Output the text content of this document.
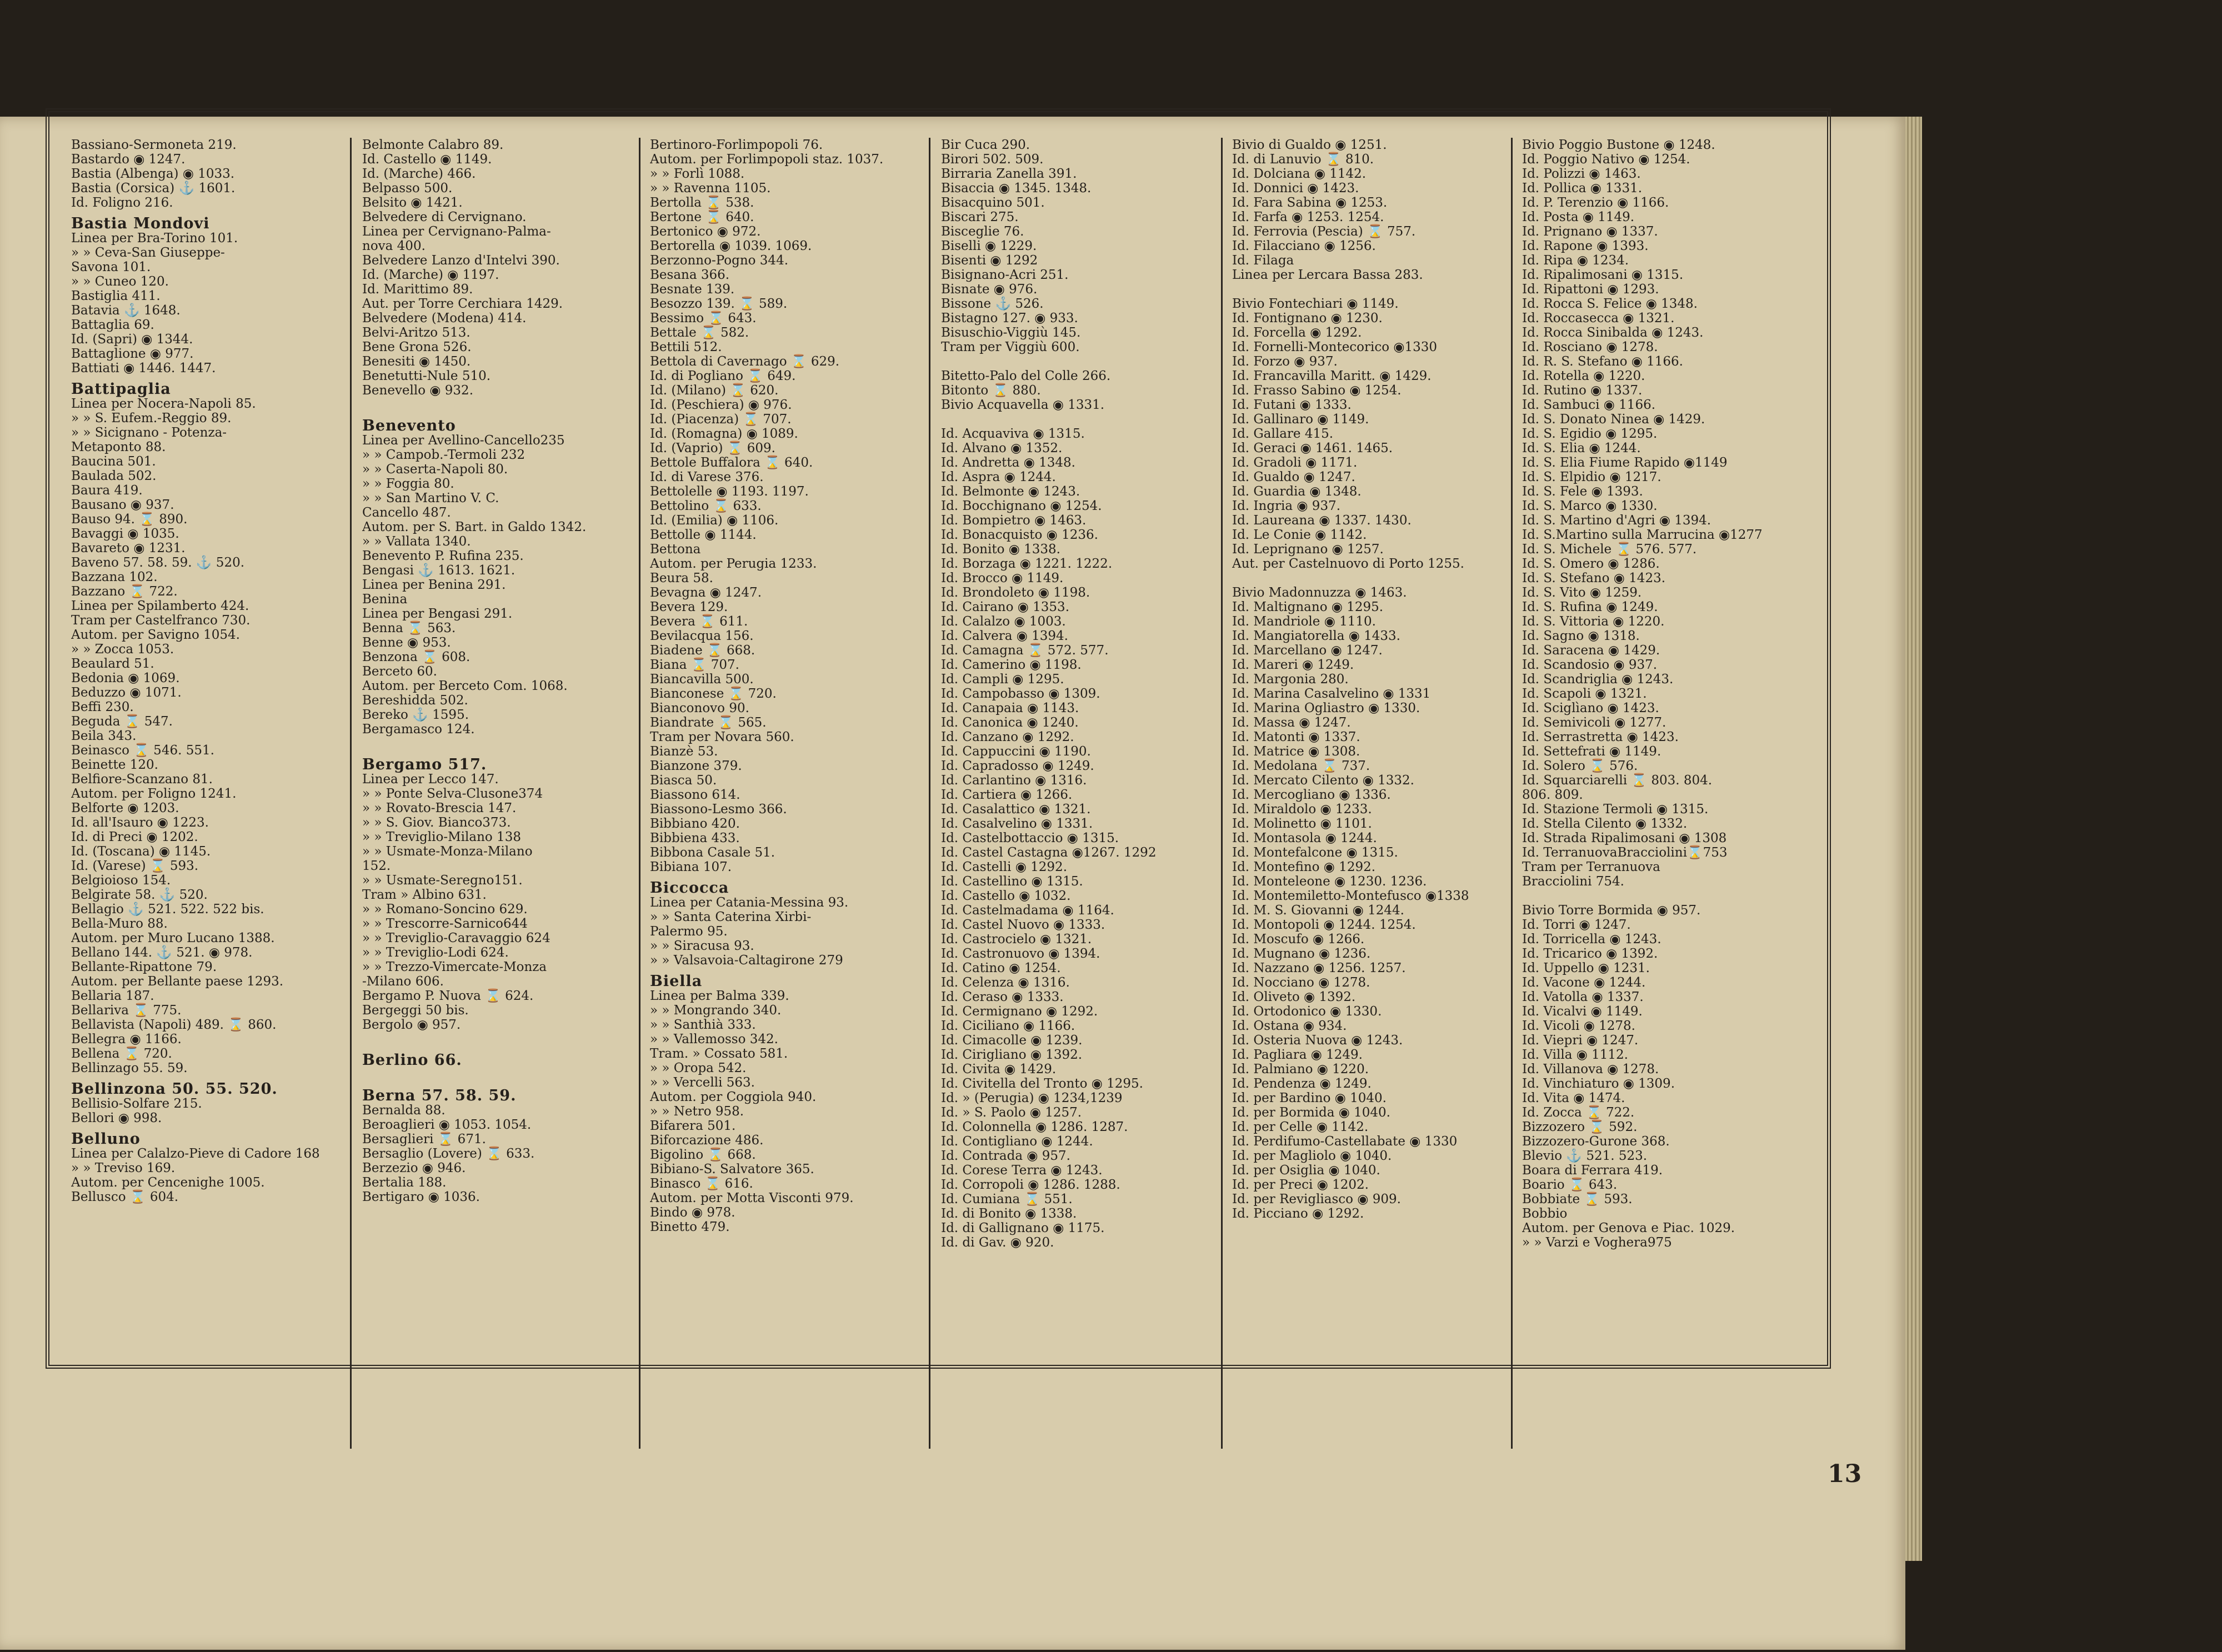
Bassiano-Sermoneta 219.
Bastardo ◉ 1247.
Bastia (Albenga) ◉ 1033.
Bastia (Corsica) ⚓ 1601.
Id. Foligno 216.
Bastia Mondovi
Linea per Bra-Torino 101.
» » Ceva-San Giuseppe-
Savona 101.
» » Cuneo 120.
Bastiglia 411.
Batavia ⚓ 1648.
Battaglia 69.
Id. (Sapri) ◉ 1344.
Battaglione ◉ 977.
Battiati ◉ 1446. 1447.
Battipaglia
Linea per Nocera-Napoli 85.
» » S. Eufem.-Reggio 89.
» » Sicignano - Potenza-
Metaponto 88.
Baucina 501.
Baulada 502.
Baura 419.
Bausano ◉ 937.
Bauso 94. ⌛ 890.
Bavaggi ◉ 1035.
Bavareto ◉ 1231.
Baveno 57. 58. 59. ⚓ 520.
Bazzana 102.
Bazzano ⌛ 722.
Linea per Spilamberto 424.
Tram per Castelfranco 730.
Autom. per Savigno 1054.
» » Zocca 1053.
Beaulard 51.
Bedonia ◉ 1069.
Beduzzo ◉ 1071.
Beffi 230.
Beguda ⌛ 547.
Beila 343.
Beinasco ⌛ 546. 551.
Beinette 120.
Belfiore-Scanzano 81.
Autom. per Foligno 1241.
Belforte ◉ 1203.
Id. all'Isauro ◉ 1223.
Id. di Preci ◉ 1202.
Id. (Toscana) ◉ 1145.
Id. (Varese) ⌛ 593.
Belgioioso 154.
Belgirate 58. ⚓ 520.
Bellagio ⚓ 521. 522. 522 bis.
Bella-Muro 88.
Autom. per Muro Lucano 1388.
Bellano 144. ⚓ 521. ◉ 978.
Bellante-Ripattone 79.
Autom. per Bellante paese 1293.
Bellaria 187.
Bellariva ⌛ 775.
Bellavista (Napoli) 489. ⌛ 860.
Bellegra ◉ 1166.
Bellena ⌛ 720.
Bellinzago 55. 59.
Bellinzona 50. 55. 520.
Bellisio-Solfare 215.
Bellori ◉ 998.
Belluno
Linea per Calalzo-Pieve di Cadore 168
» » Treviso 169.
Autom. per Cencenighe 1005.
Bellusco ⌛ 604.
Belmonte Calabro 89.
Id. Castello ◉ 1149.
Id. (Marche) 466.
Belpasso 500.
Belsito ◉ 1421.
Belvedere di Cervignano.
Linea per Cervignano-Palma-
nova 400.
Belvedere Lanzo d'Intelvi 390.
Id. (Marche) ◉ 1197.
Id. Marittimo 89.
Aut. per Torre Cerchiara 1429.
Belvedere (Modena) 414.
Belvi-Aritzo 513.
Bene Grona 526.
Benesiti ◉ 1450.
Benetutti-Nule 510.
Benevello ◉ 932.
Benevento
Linea per Avellino-Cancello235
» » Campob.-Termoli 232
» » Caserta-Napoli 80.
» » Foggia 80.
» » San Martino V. C.
Cancello 487.
Autom. per S. Bart. in Galdo 1342.
» » Vallata 1340.
Benevento P. Rufina 235.
Bengasi ⚓ 1613. 1621.
Linea per Benina 291.
Benina
Linea per Bengasi 291.
Benna ⌛ 563.
Benne ◉ 953.
Benzona ⌛ 608.
Berceto 60.
Autom. per Berceto Com. 1068.
Bereshidda 502.
Bereko ⚓ 1595.
Bergamasco 124.
Bergamo 517.
Linea per Lecco 147.
» » Ponte Selva-Clusone374
» » Rovato-Brescia 147.
» » S. Giov. Bianco373.
» » Treviglio-Milano 138
» » Usmate-Monza-Milano
152.
» » Usmate-Seregno151.
Tram » Albino 631.
» » Romano-Soncino 629.
» » Trescorre-Sarnico644
» » Treviglio-Caravaggio 624
» » Treviglio-Lodi 624.
» » Trezzo-Vimercate-Monza
-Milano 606.
Bergamo P. Nuova ⌛ 624.
Bergeggi 50 bis.
Bergolo ◉ 957.
Berlino 66.
Berna 57. 58. 59.
Bernalda 88.
Beroaglieri ◉ 1053. 1054.
Bersaglieri ⌛ 671.
Bersaglio (Lovere) ⌛ 633.
Berzezio ◉ 946.
Bertalia 188.
Bertigaro ◉ 1036.
Bertinoro-Forlimpopoli 76.
Autom. per Forlimpopoli staz. 1037.
» » Forlì 1088.
» » Ravenna 1105.
Bertolla ⌛ 538.
Bertone ⌛ 640.
Bertonico ◉ 972.
Bertorella ◉ 1039. 1069.
Berzonno-Pogno 344.
Besana 366.
Besnate 139.
Besozzo 139. ⌛ 589.
Bessimo ⌛ 643.
Bettale ⌛ 582.
Bettili 512.
Bettola di Cavernago ⌛ 629.
Id. di Pogliano ⌛ 649.
Id. (Milano) ⌛ 620.
Id. (Peschiera) ◉ 976.
Id. (Piacenza) ⌛ 707.
Id. (Romagna) ◉ 1089.
Id. (Vaprio) ⌛ 609.
Bettole Buffalora ⌛ 640.
Id. di Varese 376.
Bettolelle ◉ 1193. 1197.
Bettolino ⌛ 633.
Id. (Emilia) ◉ 1106.
Bettolle ◉ 1144.
Bettona
Autom. per Perugia 1233.
Beura 58.
Bevagna ◉ 1247.
Bevera 129.
Bevera ⌛ 611.
Bevilacqua 156.
Biadene ⌛ 668.
Biana ⌛ 707.
Biancavilla 500.
Bianconese ⌛ 720.
Bianconovo 90.
Biandrate ⌛ 565.
Tram per Novara 560.
Bianzè 53.
Bianzone 379.
Biasca 50.
Biassono 614.
Biassono-Lesmo 366.
Bibbiano 420.
Bibbiena 433.
Bibbona Casale 51.
Bibiana 107.
Biccocca
Linea per Catania-Messina 93.
» » Santa Caterina Xirbi-
Palermo 95.
» » Siracusa 93.
» » Valsavoia-Caltagirone 279
Biella
Linea per Balma 339.
» » Mongrando 340.
» » Santhià 333.
» » Vallemosso 342.
Tram. » Cossato 581.
» » Oropa 542.
» » Vercelli 563.
Autom. per Coggiola 940.
» » Netro 958.
Bifarera 501.
Biforcazione 486.
Bigolino ⌛ 668.
Bibiano-S. Salvatore 365.
Binasco ⌛ 616.
Autom. per Motta Visconti 979.
Bindo ◉ 978.
Binetto 479.
Bir Cuca 290.
Birori 502. 509.
Birraria Zanella 391.
Bisaccia ◉ 1345. 1348.
Bisacquino 501.
Biscari 275.
Bisceglie 76.
Biselli ◉ 1229.
Bisenti ◉ 1292
Bisignano-Acri 251.
Bisnate ◉ 976.
Bissone ⚓ 526.
Bistagno 127. ◉ 933.
Bisuschio-Viggiù 145.
Tram per Viggiù 600.
Bitetto-Palo del Colle 266.
Bitonto ⌛ 880.
Bivio Acquavella ◉ 1331.
Id. Acquaviva ◉ 1315.
Id. Alvano ◉ 1352.
Id. Andretta ◉ 1348.
Id. Aspra ◉ 1244.
Id. Belmonte ◉ 1243.
Id. Bocchignano ◉ 1254.
Id. Bompietro ◉ 1463.
Id. Bonacquisto ◉ 1236.
Id. Bonito ◉ 1338.
Id. Borzaga ◉ 1221. 1222.
Id. Brocco ◉ 1149.
Id. Brondoleto ◉ 1198.
Id. Cairano ◉ 1353.
Id. Calalzo ◉ 1003.
Id. Calvera ◉ 1394.
Id. Camagna ⌛ 572. 577.
Id. Camerino ◉ 1198.
Id. Campli ◉ 1295.
Id. Campobasso ◉ 1309.
Id. Canapaia ◉ 1143.
Id. Canonica ◉ 1240.
Id. Canzano ◉ 1292.
Id. Cappuccini ◉ 1190.
Id. Capradosso ◉ 1249.
Id. Carlantino ◉ 1316.
Id. Cartiera ◉ 1266.
Id. Casalattico ◉ 1321.
Id. Casalvelino ◉ 1331.
Id. Castelbottaccio ◉ 1315.
Id. Castel Castagna ◉1267. 1292
Id. Castelli ◉ 1292.
Id. Castellino ◉ 1315.
Id. Castello ◉ 1032.
Id. Castelmadama ◉ 1164.
Id. Castel Nuovo ◉ 1333.
Id. Castrocielo ◉ 1321.
Id. Castronuovo ◉ 1394.
Id. Catino ◉ 1254.
Id. Celenza ◉ 1316.
Id. Ceraso ◉ 1333.
Id. Cermignano ◉ 1292.
Id. Ciciliano ◉ 1166.
Id. Cimacolle ◉ 1239.
Id. Cirigliano ◉ 1392.
Id. Civita ◉ 1429.
Id. Civitella del Tronto ◉ 1295.
Id. » (Perugia) ◉ 1234,1239
Id. » S. Paolo ◉ 1257.
Id. Colonnella ◉ 1286. 1287.
Id. Contigliano ◉ 1244.
Id. Contrada ◉ 957.
Id. Corese Terra ◉ 1243.
Id. Corropoli ◉ 1286. 1288.
Id. Cumiana ⌛ 551.
Id. di Bonito ◉ 1338.
Id. di Gallignano ◉ 1175.
Id. di Gav. ◉ 920.
Bivio di Gualdo ◉ 1251.
Id. di Lanuvio ⌛ 810.
Id. Dolciana ◉ 1142.
Id. Donnici ◉ 1423.
Id. Fara Sabina ◉ 1253.
Id. Farfa ◉ 1253. 1254.
Id. Ferrovia (Pescia) ⌛ 757.
Id. Filacciano ◉ 1256.
Id. Filaga
Linea per Lercara Bassa 283.
Bivio Fontechiari ◉ 1149.
Id. Fontignano ◉ 1230.
Id. Forcella ◉ 1292.
Id. Fornelli-Montecorico ◉1330
Id. Forzo ◉ 937.
Id. Francavilla Maritt. ◉ 1429.
Id. Frasso Sabino ◉ 1254.
Id. Futani ◉ 1333.
Id. Gallinaro ◉ 1149.
Id. Gallare 415.
Id. Geraci ◉ 1461. 1465.
Id. Gradoli ◉ 1171.
Id. Gualdo ◉ 1247.
Id. Guardia ◉ 1348.
Id. Ingria ◉ 937.
Id. Laureana ◉ 1337. 1430.
Id. Le Conie ◉ 1142.
Id. Leprignano ◉ 1257.
Aut. per Castelnuovo di Porto 1255.
Bivio Madonnuzza ◉ 1463.
Id. Maltignano ◉ 1295.
Id. Mandriole ◉ 1110.
Id. Mangiatorella ◉ 1433.
Id. Marcellano ◉ 1247.
Id. Mareri ◉ 1249.
Id. Margonia 280.
Id. Marina Casalvelino ◉ 1331
Id. Marina Ogliastro ◉ 1330.
Id. Massa ◉ 1247.
Id. Matonti ◉ 1337.
Id. Matrice ◉ 1308.
Id. Medolana ⌛ 737.
Id. Mercato Cilento ◉ 1332.
Id. Mercogliano ◉ 1336.
Id. Miraldolo ◉ 1233.
Id. Molinetto ◉ 1101.
Id. Montasola ◉ 1244.
Id. Montefalcone ◉ 1315.
Id. Montefino ◉ 1292.
Id. Monteleone ◉ 1230. 1236.
Id. Montemiletto-Montefusco ◉1338
Id. M. S. Giovanni ◉ 1244.
Id. Montopoli ◉ 1244. 1254.
Id. Moscufo ◉ 1266.
Id. Mugnano ◉ 1236.
Id. Nazzano ◉ 1256. 1257.
Id. Nocciano ◉ 1278.
Id. Oliveto ◉ 1392.
Id. Ortodonico ◉ 1330.
Id. Ostana ◉ 934.
Id. Osteria Nuova ◉ 1243.
Id. Pagliara ◉ 1249.
Id. Palmiano ◉ 1220.
Id. Pendenza ◉ 1249.
Id. per Bardino ◉ 1040.
Id. per Bormida ◉ 1040.
Id. per Celle ◉ 1142.
Id. Perdifumo-Castellabate ◉ 1330
Id. per Magliolo ◉ 1040.
Id. per Osiglia ◉ 1040.
Id. per Preci ◉ 1202.
Id. per Revigliasco ◉ 909.
Id. Picciano ◉ 1292.
Bivio Poggio Bustone ◉ 1248.
Id. Poggio Nativo ◉ 1254.
Id. Polizzi ◉ 1463.
Id. Pollica ◉ 1331.
Id. P. Terenzio ◉ 1166.
Id. Posta ◉ 1149.
Id. Prignano ◉ 1337.
Id. Rapone ◉ 1393.
Id. Ripa ◉ 1234.
Id. Ripalimosani ◉ 1315.
Id. Ripattoni ◉ 1293.
Id. Rocca S. Felice ◉ 1348.
Id. Roccasecca ◉ 1321.
Id. Rocca Sinibalda ◉ 1243.
Id. Rosciano ◉ 1278.
Id. R. S. Stefano ◉ 1166.
Id. Rotella ◉ 1220.
Id. Rutino ◉ 1337.
Id. Sambuci ◉ 1166.
Id. S. Donato Ninea ◉ 1429.
Id. S. Egidio ◉ 1295.
Id. S. Elia ◉ 1244.
Id. S. Elia Fiume Rapido ◉1149
Id. S. Elpidio ◉ 1217.
Id. S. Fele ◉ 1393.
Id. S. Marco ◉ 1330.
Id. S. Martino d'Agri ◉ 1394.
Id. S.Martino sulla Marrucina ◉1277
Id. S. Michele ⌛ 576. 577.
Id. S. Omero ◉ 1286.
Id. S. Stefano ◉ 1423.
Id. S. Vito ◉ 1259.
Id. S. Rufina ◉ 1249.
Id. S. Vittoria ◉ 1220.
Id. Sagno ◉ 1318.
Id. Saracena ◉ 1429.
Id. Scandosio ◉ 937.
Id. Scandriglia ◉ 1243.
Id. Scapoli ◉ 1321.
Id. Sciglìano ◉ 1423.
Id. Semivicoli ◉ 1277.
Id. Serrastretta ◉ 1423.
Id. Settefrati ◉ 1149.
Id. Solero ⌛ 576.
Id. Squarciarelli ⌛ 803. 804.
806. 809.
Id. Stazione Termoli ◉ 1315.
Id. Stella Cilento ◉ 1332.
Id. Strada Ripalimosani ◉ 1308
Id. TerranuovaBracciolini⌛753
Tram per Terranuova
Bracciolini 754.
Bivio Torre Bormida ◉ 957.
Id. Torri ◉ 1247.
Id. Torricella ◉ 1243.
Id. Tricarico ◉ 1392.
Id. Uppello ◉ 1231.
Id. Vacone ◉ 1244.
Id. Vatolla ◉ 1337.
Id. Vicalvi ◉ 1149.
Id. Vicoli ◉ 1278.
Id. Viepri ◉ 1247.
Id. Villa ◉ 1112.
Id. Villanova ◉ 1278.
Id. Vinchiaturo ◉ 1309.
Id. Vita ◉ 1474.
Id. Zocca ⌛ 722.
Bizzozero ⌛ 592.
Bizzozero-Gurone 368.
Blevio ⚓ 521. 523.
Boara di Ferrara 419.
Boario ⌛ 643.
Bobbiate ⌛ 593.
Bobbio
Autom. per Genova e Piac. 1029.
» » Varzi e Voghera975
13
